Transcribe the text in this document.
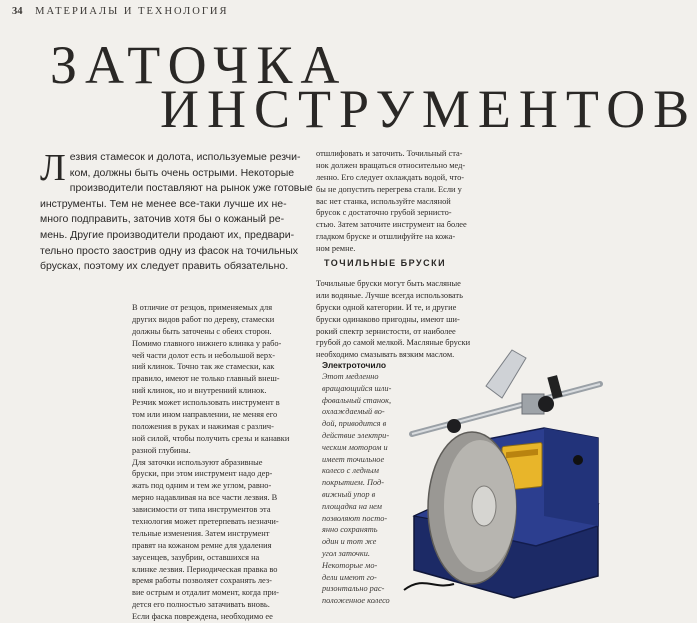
34 МАТЕРИАЛЫ И ТЕХНОЛОГИЯ
ЗАТОЧКА
ИНСТРУМЕНТОВ
Л езвия стамесок и долота, используемые резчи-
ком, должны быть очень острыми. Некоторые
производители поставляют на рынок уже готовые
инструменты. Тем не менее все-таки лучше их не-
много подправить, заточив хотя бы о кожаный ре-
мень. Другие производители продают их, предвари-
тельно просто заострив одну из фасок на точильных
брусках, поэтому их следует править обязательно.
отшлифовать и заточить. Точильный ста-
нок должен вращаться относительно мед-
ленно. Его следует охлаждать водой, что-
бы не допустить перегрева стали. Если у
вас нет станка, используйте масляной
брусок с достаточно грубой зернисто-
стью. Затем заточите инструмент на более
гладком бруске и отшлифуйте на кожа-
ном ремне.
ТОЧИЛЬНЫЕ БРУСКИ
Точильные бруски могут быть масляные
или водяные. Лучше всегда использовать
бруски одной категории. И те, и другие
бруски одинаково пригодны, имеют ши-
рокий спектр зернистости, от наиболее
грубой до самой мелкой. Масляные бруски
необходимо смазывать вязким маслом.
В отличие от резцов, применяемых для
других видов работ по дереву, стамески
должны быть заточены с обеих сторон.
Помимо главного нижнего клинка у рабо-
чей части долот есть и небольшой верх-
ний клинок. Точно так же стамески, как
правило, имеют не только главный внеш-
ний клинок, но и внутренний клинок.
Резчик может использовать инструмент в
том или ином направлении, не меняя его
положения в руках и нажимая с различ-
ной силой, чтобы получить срезы и канавки
разной глубины.
Для заточки используют абразивные
бруски, при этом инструмент надо дер-
жать под одним и тем же углом, равно-
мерно надавливая на все части лезвия. В
зависимости от типа инструментов эта
технология может претерпевать незначи-
тельные изменения. Затем инструмент
правят на кожаном ремне для удаления
заусенцев, зазубрин, оставшихся на
клинке лезвия. Периодическая правка во
время работы позволяет сохранять лез-
вие острым и отдалит момент, когда при-
дется его полностью затачивать вновь.
Если фаска повреждена, необходимо ее
Электроточило
Этот медленно
вращающийся шли-
фовальный станок,
охлаждаемый во-
дой, приводится в
действие электри-
ческим мотором и
имеет точильное
колесо с ледным
покрытием. Под-
вижный упор в
площадка на нем
позволяют посто-
янно сохранять
один и тот же
угол заточки.
Некоторые мо-
дели имеют го-
ризонтально рас-
положенное колесо
